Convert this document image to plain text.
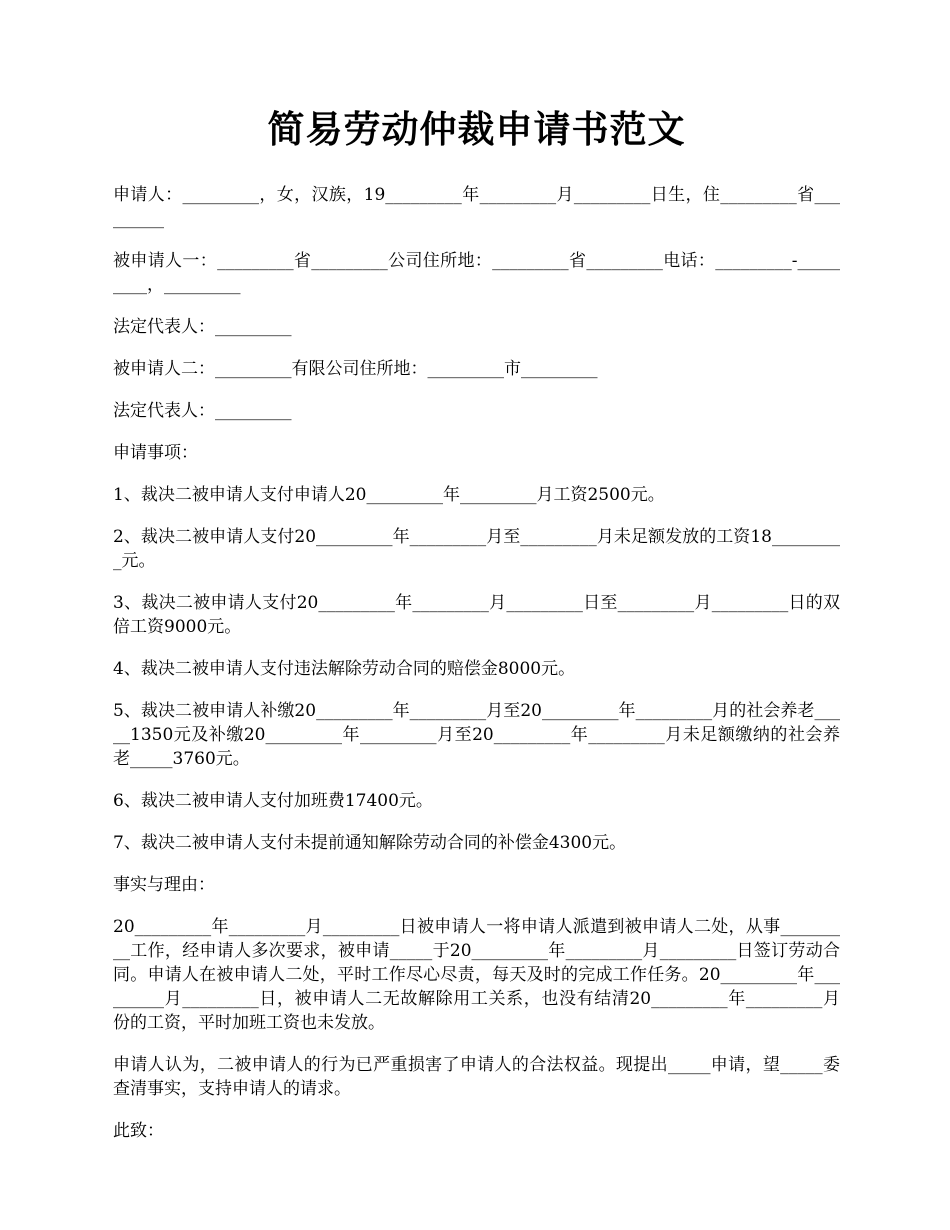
简易劳动仲裁申请书范文

申请人：_________，女，汉族，19_________年_________月_________日生，住_________省_________

被申请人一：_________省_________公司住所地：_________省_________电话：_________-_________，_________

法定代表人：_________

被申请人二：_________有限公司住所地：_________市_________

法定代表人：_________

申请事项：

1、裁决二被申请人支付申请人20_________年_________月工资2500元。

2、裁决二被申请人支付20_________年_________月至_________月未足额发放的工资18_________元。

3、裁决二被申请人支付20_________年_________月_________日至_________月_________日的双倍工资9000元。

4、裁决二被申请人支付违法解除劳动合同的赔偿金8000元。

5、裁决二被申请人补缴20_________年_________月至20_________年_________月的社会养老_____1350元及补缴20_________年_________月至20_________年_________月未足额缴纳的社会养老_____3760元。

6、裁决二被申请人支付加班费17400元。

7、裁决二被申请人支付未提前通知解除劳动合同的补偿金4300元。

事实与理由：

20_________年_________月_________日被申请人一将申请人派遣到被申请人二处，从事_________工作，经申请人多次要求，被申请_____于20_________年_________月_________日签订劳动合同。申请人在被申请人二处，平时工作尽心尽责，每天及时的完成工作任务。20_________年_________月_________日，被申请人二无故解除用工关系，也没有结清20_________年_________月份的工资，平时加班工资也未发放。

申请人认为，二被申请人的行为已严重损害了申请人的合法权益。现提出_____申请，望_____委查清事实，支持申请人的请求。

此致：
